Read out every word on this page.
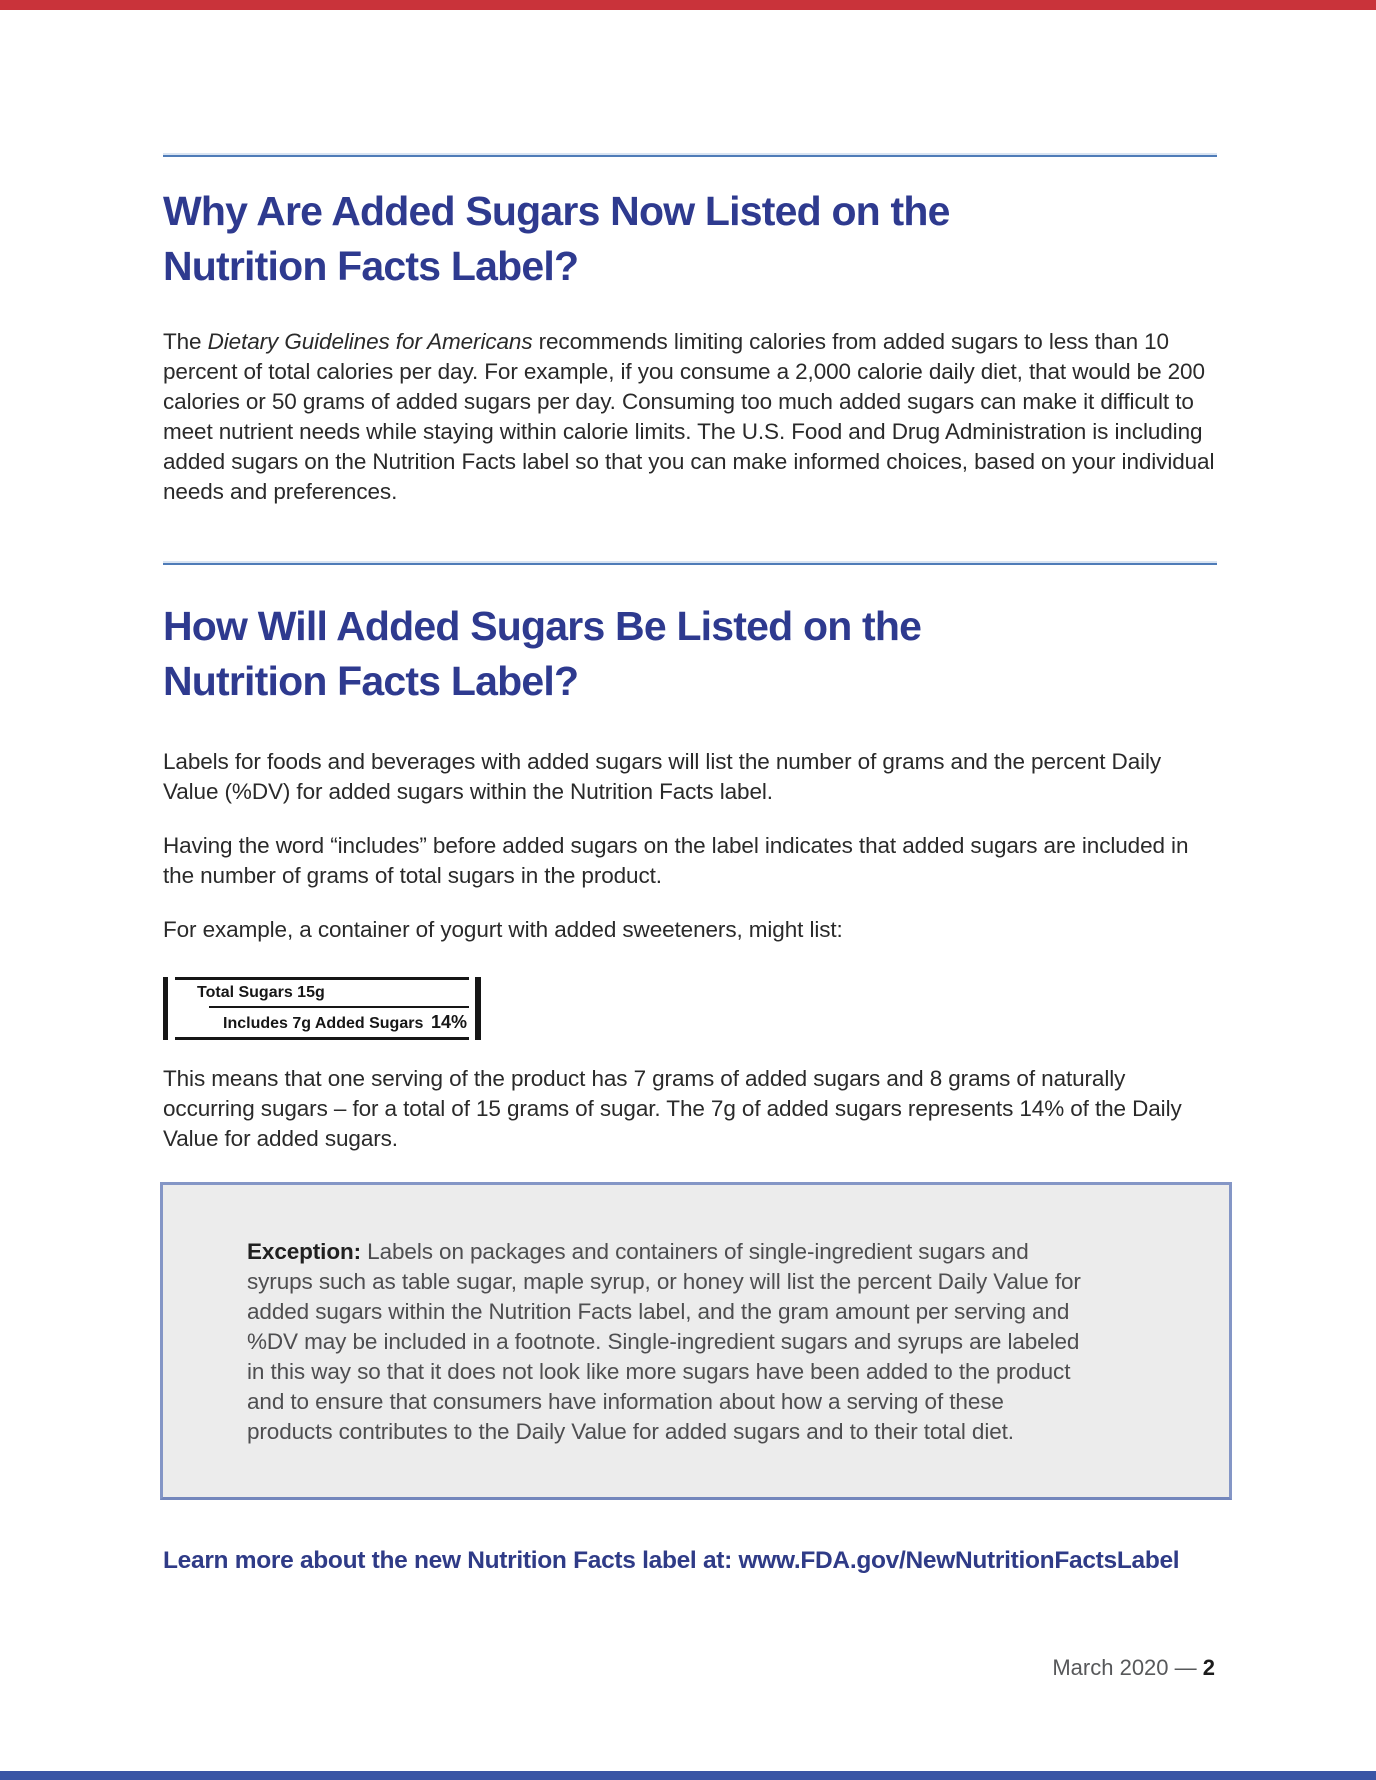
Why Are Added Sugars Now Listed on the
Nutrition Facts Label?

The Dietary Guidelines for Americans recommends limiting calories from added sugars to less than 10 percent of total calories per day. For example, if you consume a 2,000 calorie daily diet, that would be 200 calories or 50 grams of added sugars per day. Consuming too much added sugars can make it difficult to meet nutrient needs while staying within calorie limits. The U.S. Food and Drug Administration is including added sugars on the Nutrition Facts label so that you can make informed choices, based on your individual needs and preferences.

How Will Added Sugars Be Listed on the
Nutrition Facts Label?

Labels for foods and beverages with added sugars will list the number of grams and the percent Daily Value (%DV) for added sugars within the Nutrition Facts label.

Having the word “includes” before added sugars on the label indicates that added sugars are included in the number of grams of total sugars in the product.

For example, a container of yogurt with added sweeteners, might list:

Total Sugars 15g
Includes 7g Added Sugars 14%

This means that one serving of the product has 7 grams of added sugars and 8 grams of naturally occurring sugars – for a total of 15 grams of sugar. The 7g of added sugars represents 14% of the Daily Value for added sugars.

Exception: Labels on packages and containers of single-ingredient sugars and syrups such as table sugar, maple syrup, or honey will list the percent Daily Value for added sugars within the Nutrition Facts label, and the gram amount per serving and %DV may be included in a footnote. Single-ingredient sugars and syrups are labeled in this way so that it does not look like more sugars have been added to the product and to ensure that consumers have information about how a serving of these products contributes to the Daily Value for added sugars and to their total diet.

Learn more about the new Nutrition Facts label at: www.FDA.gov/NewNutritionFactsLabel
March 2020 — 2
